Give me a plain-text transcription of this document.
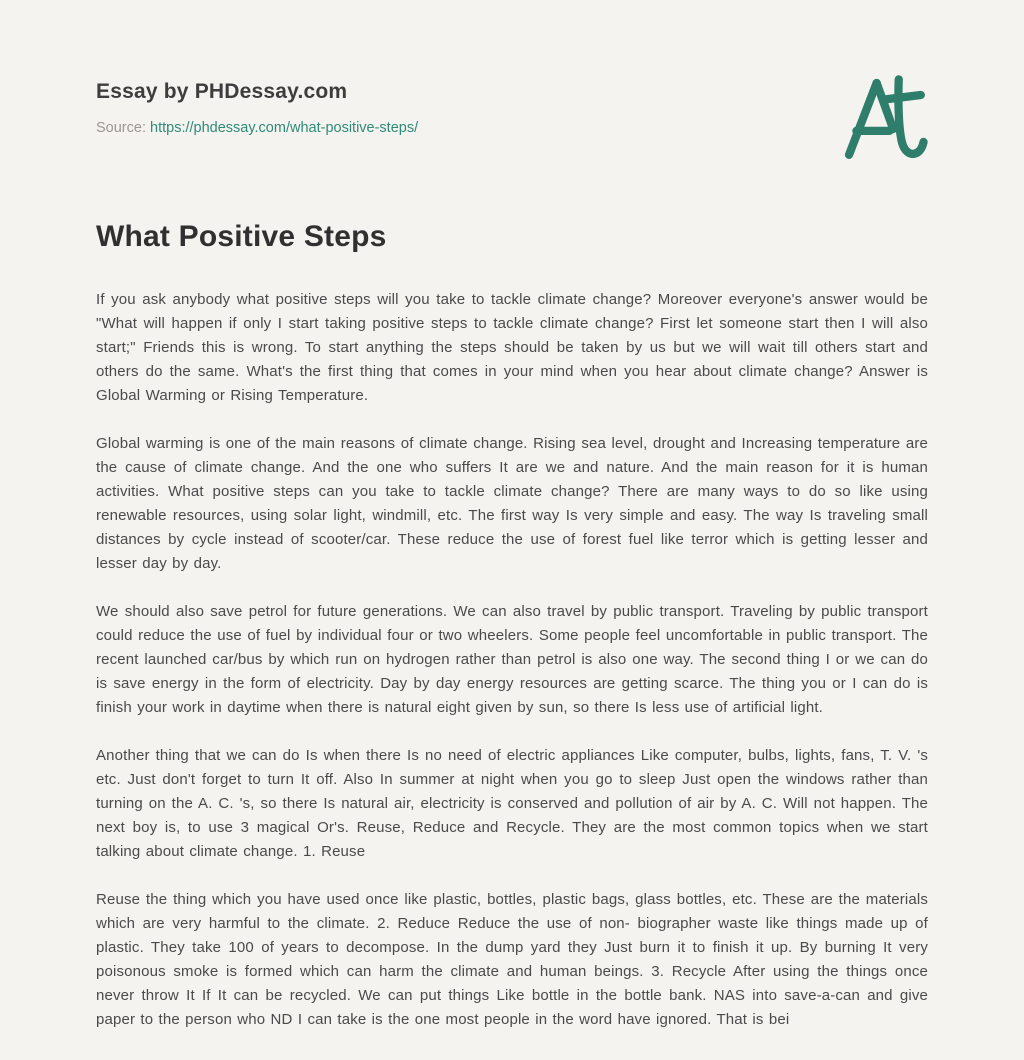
Essay by PHDessay.com
Source: https://phdessay.com/what-positive-steps/
What Positive Steps

If you ask anybody what positive steps will you take to tackle climate change? Moreover everyone's answer would be "What will happen if only I start taking positive steps to tackle climate change? First let someone start then I will also start;" Friends this is wrong. To start anything the steps should be taken by us but we will wait till others start and others do the same. What's the first thing that comes in your mind when you hear about climate change? Answer is Global Warming or Rising Temperature.

Global warming is one of the main reasons of climate change. Rising sea level, drought and Increasing temperature are the cause of climate change. And the one who suffers It are we and nature. And the main reason for it is human activities. What positive steps can you take to tackle climate change? There are many ways to do so like using renewable resources, using solar light, windmill, etc. The first way Is very simple and easy. The way Is traveling small distances by cycle instead of scooter/car. These reduce the use of forest fuel like terror which is getting lesser and lesser day by day.

We should also save petrol for future generations. We can also travel by public transport. Traveling by public transport could reduce the use of fuel by individual four or two wheelers. Some people feel uncomfortable in public transport. The recent launched car/bus by which run on hydrogen rather than petrol is also one way. The second thing I or we can do is save energy in the form of electricity. Day by day energy resources are getting scarce. The thing you or I can do is finish your work in daytime when there is natural eight given by sun, so there Is less use of artificial light.

Another thing that we can do Is when there Is no need of electric appliances Like computer, bulbs, lights, fans, T. V. 's etc. Just don't forget to turn It off. Also In summer at night when you go to sleep Just open the windows rather than turning on the A. C. 's, so there Is natural air, electricity is conserved and pollution of air by A. C. Will not happen. The next boy is, to use 3 magical Or's. Reuse, Reduce and Recycle. They are the most common topics when we start talking about climate change. 1. Reuse

Reuse the thing which you have used once like plastic, bottles, plastic bags, glass bottles, etc. These are the materials which are very harmful to the climate. 2. Reduce Reduce the use of non- biographer waste like things made up of plastic. They take 100 of years to decompose. In the dump yard they Just burn it to finish it up. By burning It very poisonous smoke is formed which can harm the climate and human beings. 3. Recycle After using the things once never throw It If It can be recycled. We can put things Like bottle in the bottle bank. NAS into save-a-can and give paper to the person who ND I can take is the one most people in the word have ignored. That is bei
